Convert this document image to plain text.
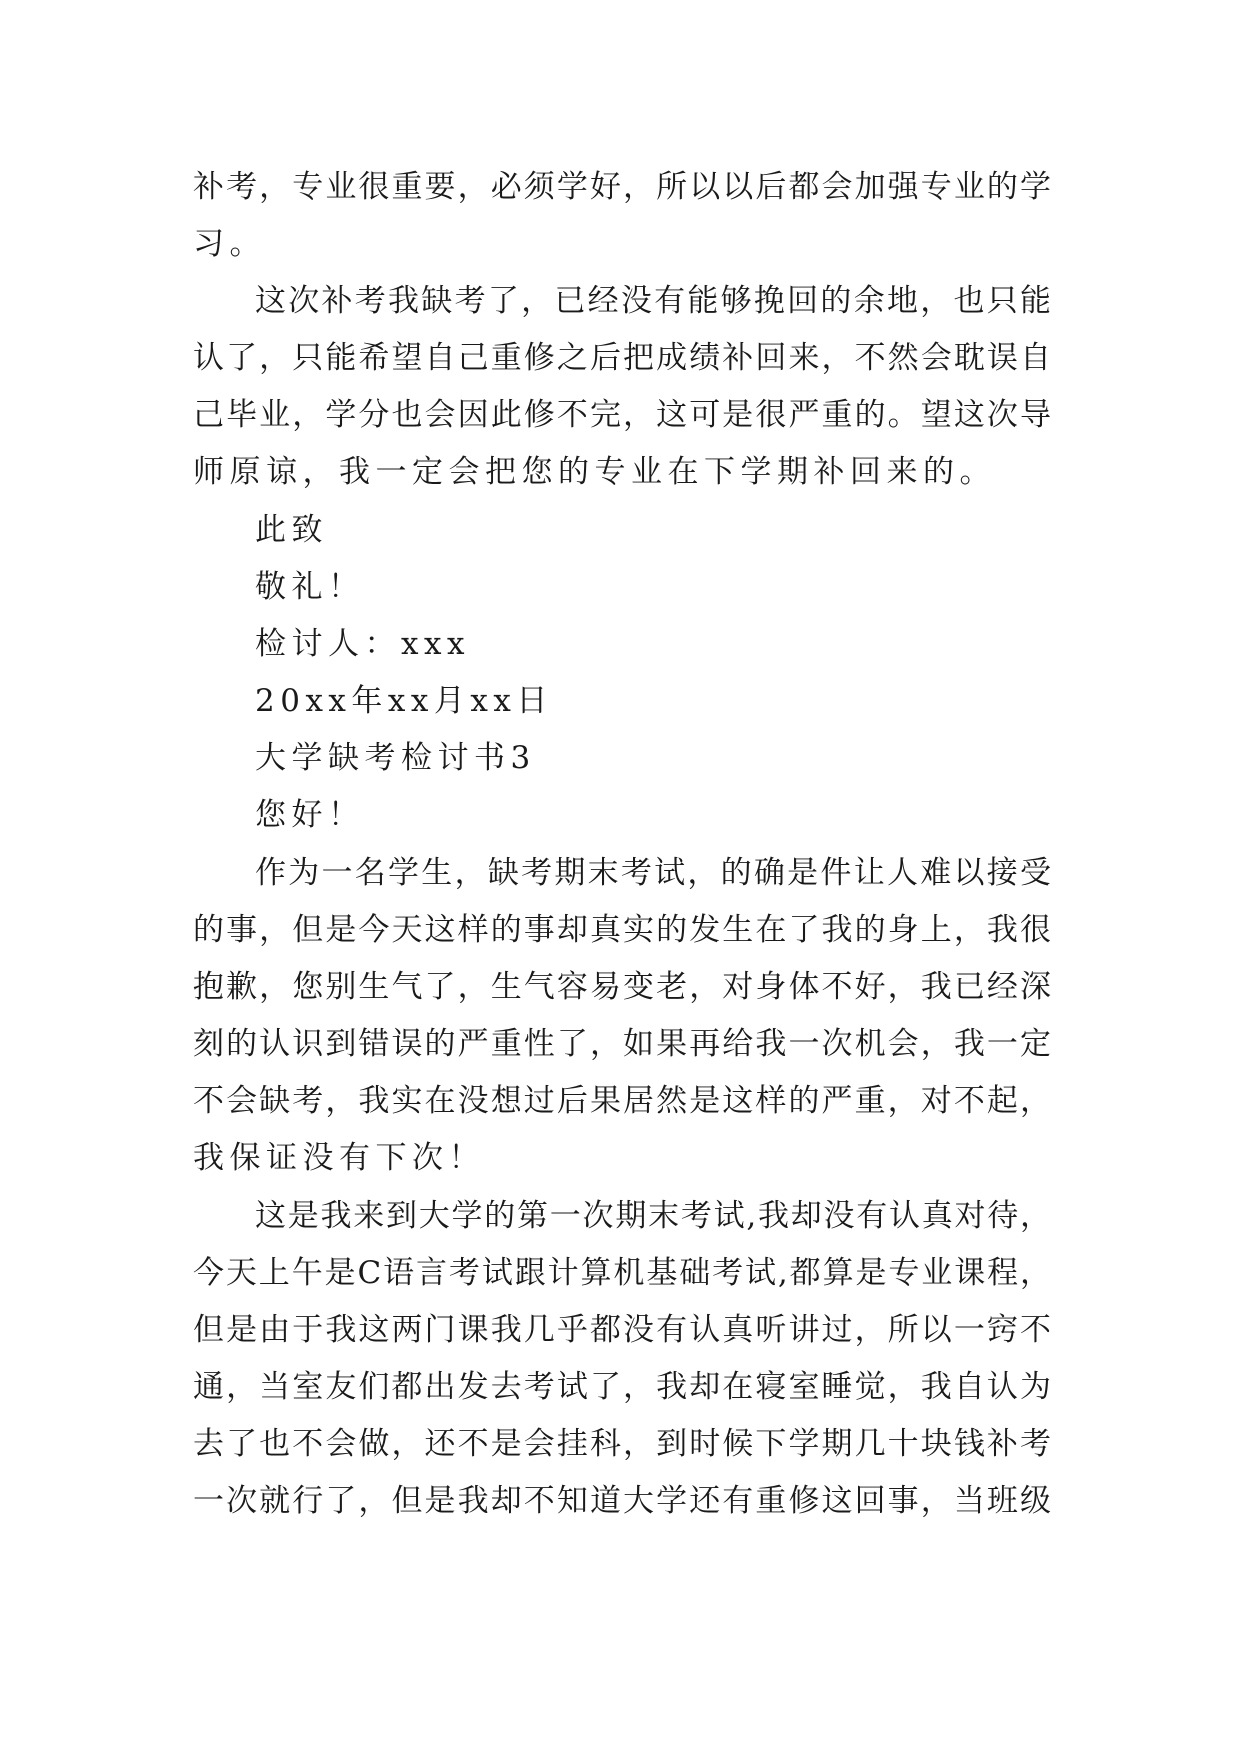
补考，专业很重要，必须学好，所以以后都会加强专业的学
习。
这次补考我缺考了，已经没有能够挽回的余地，也只能
认了，只能希望自己重修之后把成绩补回来，不然会耽误自
己毕业，学分也会因此修不完，这可是很严重的。望这次导
师原谅，我一定会把您的专业在下学期补回来的。
此致
敬礼！
检讨人：xxx
20xx年xx月xx日
大学缺考检讨书3
您好！
作为一名学生，缺考期末考试，的确是件让人难以接受
的事，但是今天这样的事却真实的发生在了我的身上，我很
抱歉，您别生气了，生气容易变老，对身体不好，我已经深
刻的认识到错误的严重性了，如果再给我一次机会，我一定
不会缺考，我实在没想过后果居然是这样的严重，对不起，
我保证没有下次！
这是我来到大学的第一次期末考试,我却没有认真对待，
今天上午是C语言考试跟计算机基础考试,都算是专业课程，
但是由于我这两门课我几乎都没有认真听讲过，所以一窍不
通，当室友们都出发去考试了，我却在寝室睡觉，我自认为
去了也不会做，还不是会挂科，到时候下学期几十块钱补考
一次就行了，但是我却不知道大学还有重修这回事，当班级
